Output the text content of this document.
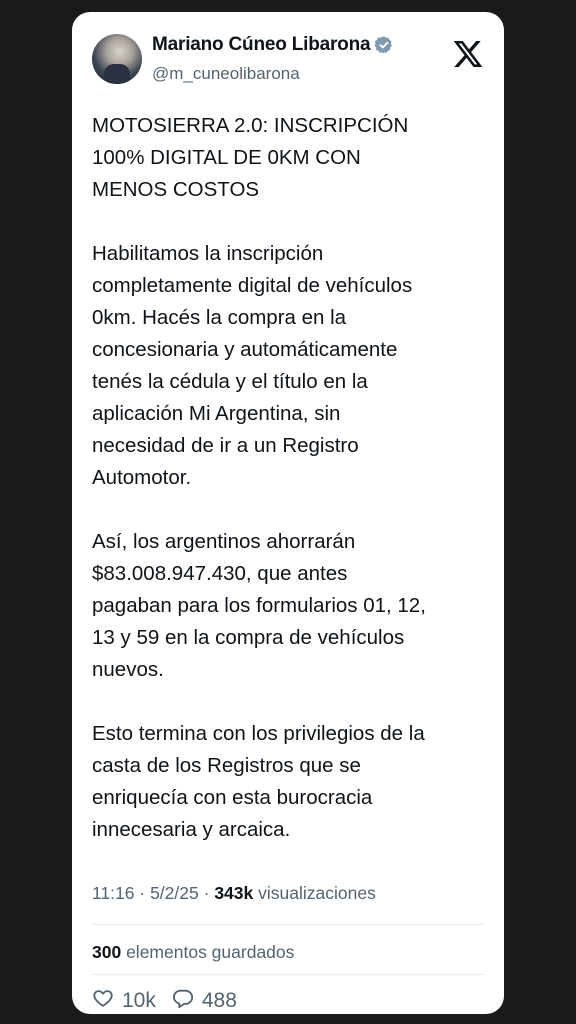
Mariano Cúneo Libarona
@m_cuneolibarona
MOTOSIERRA 2.0: INSCRIPCIÓN
100% DIGITAL DE 0KM CON
MENOS COSTOS

Habilitamos la inscripción
completamente digital de vehículos
0km. Hacés la compra en la
concesionaria y automáticamente
tenés la cédula y el título en la
aplicación Mi Argentina, sin
necesidad de ir a un Registro
Automotor.

Así, los argentinos ahorrarán
$83.008.947.430, que antes
pagaban para los formularios 01, 12,
13 y 59 en la compra de vehículos
nuevos.

Esto termina con los privilegios de la
casta de los Registros que se
enriquecía con esta burocracia
innecesaria y arcaica.
11:16 · 5/2/25 · 343k visualizaciones
300 elementos guardados
10k 488
